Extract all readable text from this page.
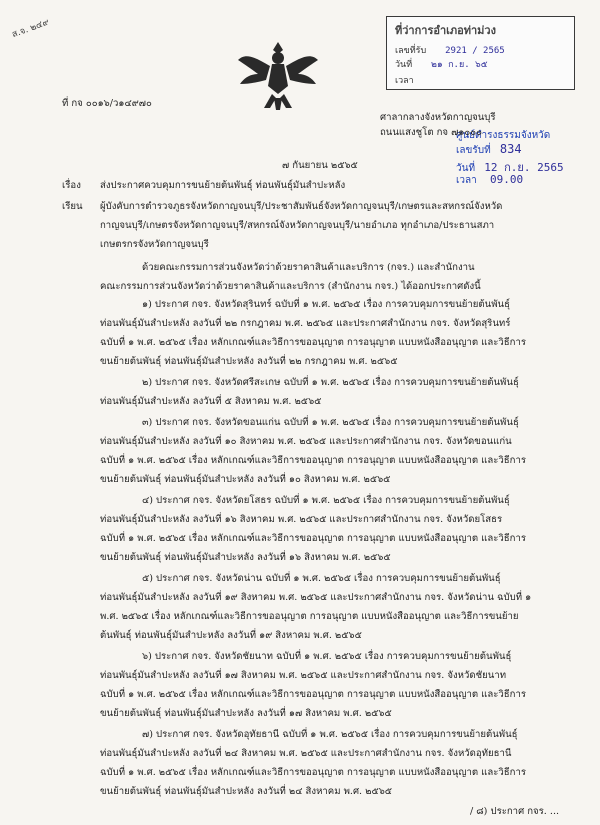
ส.จ. ๒๔๙	ที่ว่าการอำเภอท่าม่วง
เลขที่รับ 2921 / 2565
วันที่ ๒๑ ก.ย. ๖๕
เวลา
ศูนย์ดำรงธรรมจังหวัด
เลขรับที่ 834
วันที่ 12 ก.ย. 2565
เวลา 09.00
ที่ กจ ๐๐๑๖/ว๑๔๙๗๐
ศาลากลางจังหวัดกาญจนบุรี
ถนนแสงชูโต กจ ๗๑๐๐๐
๗ กันยายน ๒๕๖๕
เรื่อง ส่งประกาศควบคุมการขนย้ายต้นพันธุ์ ท่อนพันธุ์มันสำปะหลัง
เรียน ผู้บังคับการตำรวจภูธรจังหวัดกาญจนบุรี/ประชาสัมพันธ์จังหวัดกาญจนบุรี/เกษตรและสหกรณ์จังหวัด
กาญจนบุรี/เกษตรจังหวัดกาญจนบุรี/สหกรณ์จังหวัดกาญจนบุรี/นายอำเภอ ทุกอำเภอ/ประธานสภา
เกษตรกรจังหวัดกาญจนบุรี
ด้วยคณะกรรมการส่วนจังหวัดว่าด้วยราคาสินค้าและบริการ (กจร.) และสำนักงาน
คณะกรรมการส่วนจังหวัดว่าด้วยราคาสินค้าและบริการ (สำนักงาน กจร.) ได้ออกประกาศดังนี้
๑) ประกาศ กจร. จังหวัดสุรินทร์ ฉบับที่ ๑ พ.ศ. ๒๕๖๕ เรื่อง การควบคุมการขนย้ายต้นพันธุ์
ท่อนพันธุ์มันสำปะหลัง ลงวันที่ ๒๒ กรกฎาคม พ.ศ. ๒๕๖๕ และประกาศสำนักงาน กจร. จังหวัดสุรินทร์
ฉบับที่ ๑ พ.ศ. ๒๕๖๕ เรื่อง หลักเกณฑ์และวิธีการขออนุญาต การอนุญาต แบบหนังสืออนุญาต และวิธีการ
ขนย้ายต้นพันธุ์ ท่อนพันธุ์มันสำปะหลัง ลงวันที่ ๒๒ กรกฎาคม พ.ศ. ๒๕๖๕
๒) ประกาศ กจร. จังหวัดศรีสะเกษ ฉบับที่ ๑ พ.ศ. ๒๕๖๕ เรื่อง การควบคุมการขนย้ายต้นพันธุ์
ท่อนพันธุ์มันสำปะหลัง ลงวันที่ ๕ สิงหาคม พ.ศ. ๒๕๖๕
๓) ประกาศ กจร. จังหวัดขอนแก่น ฉบับที่ ๑ พ.ศ. ๒๕๖๕ เรื่อง การควบคุมการขนย้ายต้นพันธุ์
ท่อนพันธุ์มันสำปะหลัง ลงวันที่ ๑๐ สิงหาคม พ.ศ. ๒๕๖๕ และประกาศสำนักงาน กจร. จังหวัดขอนแก่น
ฉบับที่ ๑ พ.ศ. ๒๕๖๕ เรื่อง หลักเกณฑ์และวิธีการขออนุญาต การอนุญาต แบบหนังสืออนุญาต และวิธีการ
ขนย้ายต้นพันธุ์ ท่อนพันธุ์มันสำปะหลัง ลงวันที่ ๑๐ สิงหาคม พ.ศ. ๒๕๖๕
๔) ประกาศ กจร. จังหวัดยโสธร ฉบับที่ ๑ พ.ศ. ๒๕๖๕ เรื่อง การควบคุมการขนย้ายต้นพันธุ์
ท่อนพันธุ์มันสำปะหลัง ลงวันที่ ๑๖ สิงหาคม พ.ศ. ๒๕๖๕ และประกาศสำนักงาน กจร. จังหวัดยโสธร
ฉบับที่ ๑ พ.ศ. ๒๕๖๕ เรื่อง หลักเกณฑ์และวิธีการขออนุญาต การอนุญาต แบบหนังสืออนุญาต และวิธีการ
ขนย้ายต้นพันธุ์ ท่อนพันธุ์มันสำปะหลัง ลงวันที่ ๑๖ สิงหาคม พ.ศ. ๒๕๖๕
๕) ประกาศ กจร. จังหวัดน่าน ฉบับที่ ๑ พ.ศ. ๒๕๖๕ เรื่อง การควบคุมการขนย้ายต้นพันธุ์
ท่อนพันธุ์มันสำปะหลัง ลงวันที่ ๑๙ สิงหาคม พ.ศ. ๒๕๖๕ และประกาศสำนักงาน กจร. จังหวัดน่าน ฉบับที่ ๑
พ.ศ. ๒๕๖๕ เรื่อง หลักเกณฑ์และวิธีการขออนุญาต การอนุญาต แบบหนังสืออนุญาต และวิธีการขนย้าย
ต้นพันธุ์ ท่อนพันธุ์มันสำปะหลัง ลงวันที่ ๑๙ สิงหาคม พ.ศ. ๒๕๖๕
๖) ประกาศ กจร. จังหวัดชัยนาท ฉบับที่ ๑ พ.ศ. ๒๕๖๕ เรื่อง การควบคุมการขนย้ายต้นพันธุ์
ท่อนพันธุ์มันสำปะหลัง ลงวันที่ ๑๗ สิงหาคม พ.ศ. ๒๕๖๕ และประกาศสำนักงาน กจร. จังหวัดชัยนาท
ฉบับที่ ๑ พ.ศ. ๒๕๖๕ เรื่อง หลักเกณฑ์และวิธีการขออนุญาต การอนุญาต แบบหนังสืออนุญาต และวิธีการ
ขนย้ายต้นพันธุ์ ท่อนพันธุ์มันสำปะหลัง ลงวันที่ ๑๗ สิงหาคม พ.ศ. ๒๕๖๕
๗) ประกาศ กจร. จังหวัดอุทัยธานี ฉบับที่ ๑ พ.ศ. ๒๕๖๕ เรื่อง การควบคุมการขนย้ายต้นพันธุ์
ท่อนพันธุ์มันสำปะหลัง ลงวันที่ ๒๔ สิงหาคม พ.ศ. ๒๕๖๕ และประกาศสำนักงาน กจร. จังหวัดอุทัยธานี
ฉบับที่ ๑ พ.ศ. ๒๕๖๕ เรื่อง หลักเกณฑ์และวิธีการขออนุญาต การอนุญาต แบบหนังสืออนุญาต และวิธีการ
ขนย้ายต้นพันธุ์ ท่อนพันธุ์มันสำปะหลัง ลงวันที่ ๒๔ สิงหาคม พ.ศ. ๒๕๖๕
/ ๘) ประกาศ กจร. ...
